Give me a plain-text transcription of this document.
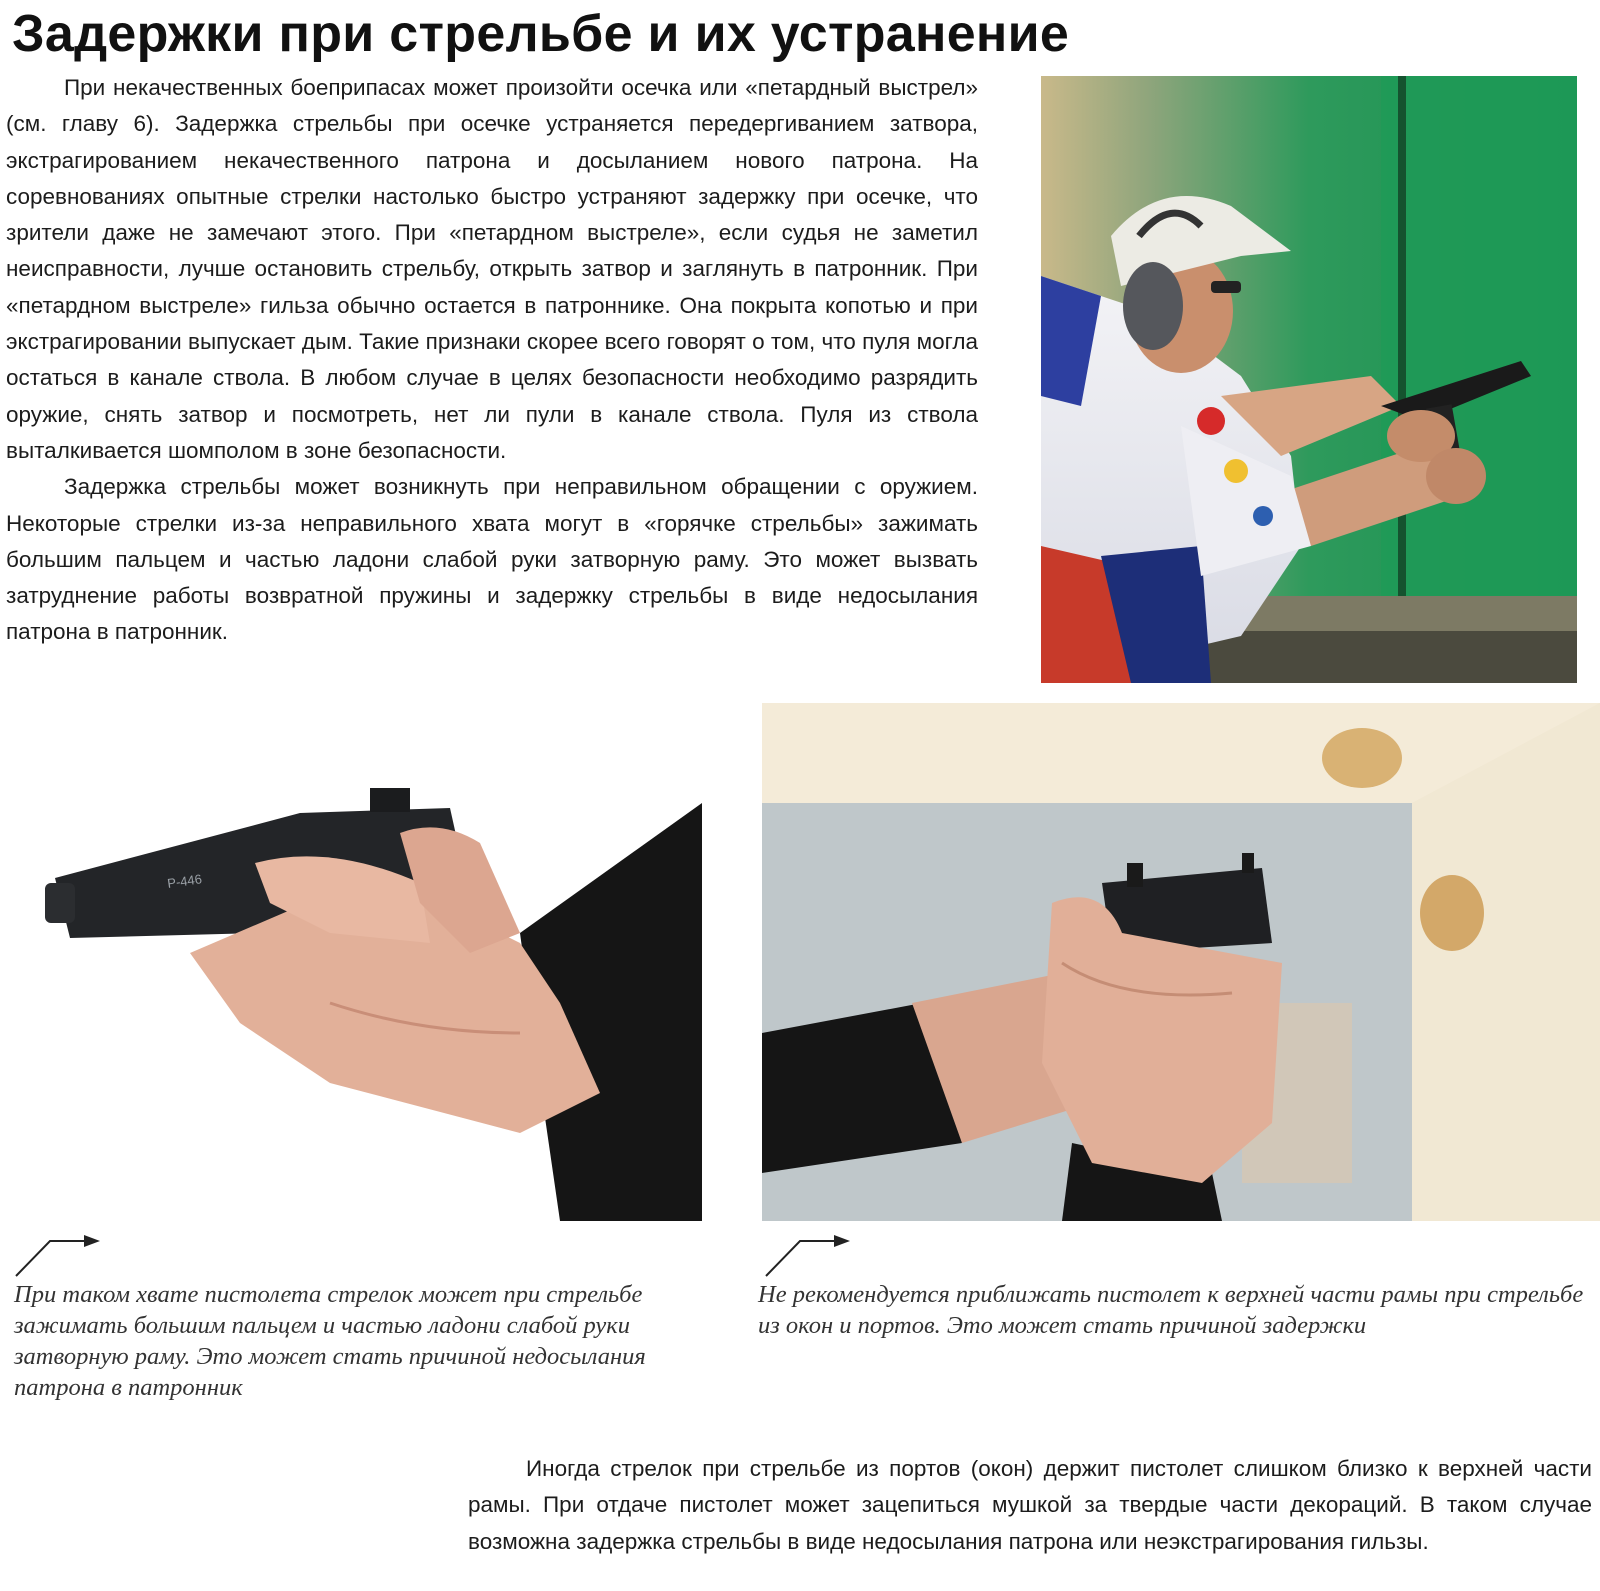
Задержки при стрельбе и их устранение

При некачественных боеприпасах может произойти осечка или «петардный выстрел» (см. главу 6). Задержка стрельбы при осечке устраняется передергиванием затвора, экстрагированием некачественного патрона и досыланием нового патрона. На соревнованиях опытные стрелки настолько быстро устраняют задержку при осечке, что зрители даже не замечают этого. При «петардном выстреле», если судья не заметил неисправности, лучше остановить стрельбу, открыть затвор и заглянуть в патронник. При «петардном выстреле» гильза обычно остается в патроннике. Она покрыта копотью и при экстрагировании выпускает дым. Такие признаки скорее всего говорят о том, что пуля могла остаться в канале ствола. В любом случае в целях безопасности необходимо разрядить оружие, снять затвор и посмотреть, нет ли пули в канале ствола. Пуля из ствола выталкивается шомполом в зоне безопасности.

Задержка стрельбы может возникнуть при неправильном обращении с оружием. Некоторые стрелки из-за неправильного хвата могут в «горячке стрельбы» зажимать большим пальцем и частью ладони слабой руки затворную раму. Это может вызвать затруднение работы возвратной пружины и задержку стрельбы в виде недосылания патрона в патронник.

P-446
При таком хвате пистолета стрелок может при стрельбе зажимать большим пальцем и частью ладони слабой руки затворную раму. Это может стать причиной недосылания патрона в патронник
Не рекомендуется приближать пистолет к верхней части рамы при стрельбе из окон и портов. Это может стать причиной задержки

Иногда стрелок при стрельбе из портов (окон) держит пистолет слишком близко к верхней части рамы. При отдаче пистолет может зацепиться мушкой за твердые части декораций. В таком случае возможна задержка стрельбы в виде недосылания патрона или неэкстрагирования гильзы.
